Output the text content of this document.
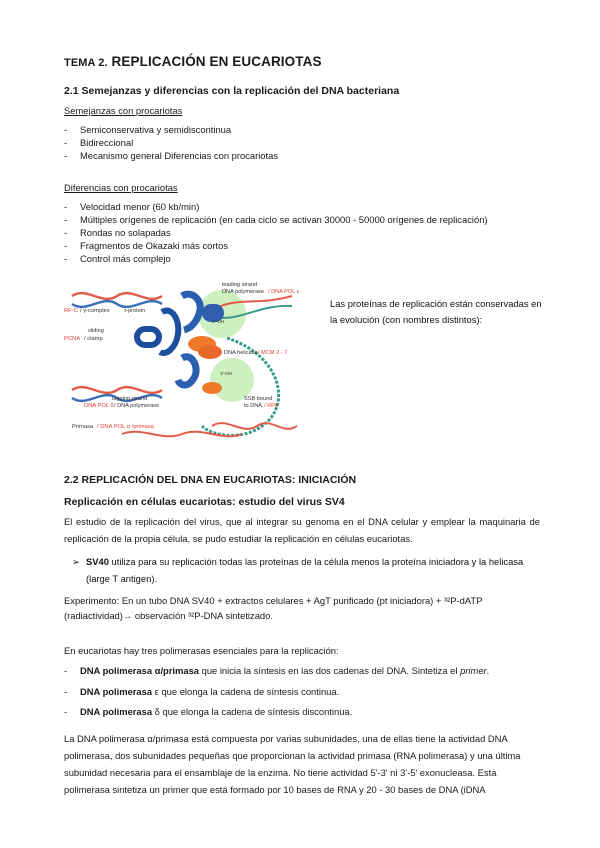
TEMA 2. REPLICACIÓN EN EUCARIOTAS
2.1 Semejanzas y diferencias con la replicación del DNA bacteriana
Semejanzas con procariotas
- Semiconservativa y semidiscontinua
- Bidireccional
- Mecanismo general Diferencias con procariotas
Diferencias con procariotas
- Velocidad menor (60 kb/min)
- Múltiples orígenes de replicación (en cada ciclo se activan 30000 - 50000 orígenes de replicación)
- Rondas no solapadas
- Fragmentos de Okazaki más cortos
- Control más complejo
leading strand
DNA polymerase / DNA POL ε
RF-C / γ-complex	τ-protein
sliding
PCNA / clamp
DNA helicase / MCM 2 - 7
3'-OH
3'-OH
lagging strand
DNA POL δ / DNA polymerase
SSB bound
to DNA / RPA
Primasa / DNA POL α /primasa
Las proteínas de replicación están conservadas en la evolución (con nombres distintos):
2.2 REPLICACIÓN DEL DNA EN EUCARIOTAS: INICIACIÓN
Replicación en células eucariotas: estudio del virus SV4
El estudio de la replicación del virus, que al integrar su genoma en el DNA celular y emplear la maquinaria de replicación de la propia célula, se pudo estudiar la replicación en células eucariotas.
➢ SV40 utiliza para su replicación todas las proteínas de la célula menos la proteína iniciadora y la helicasa (large T antigen).
Experimento: En un tubo DNA SV40 + extractos celulares + AgT purificado (pt iniciadora) + ³²P-dATP
(radiactividad)→ observación ³²P-DNA sintetizado.
En eucariotas hay tres polimerasas esenciales para la replicación:
- DNA polimerasa α/primasa que inicia la síntesis en las dos cadenas del DNA. Sintetiza el primer.
- DNA polimerasa ε que elonga la cadena de síntesis continua.
- DNA polimerasa δ que elonga la cadena de síntesis discontinua.
La DNA polimerasa α/primasa está compuesta por varias subunidades, una de ellas tiene la actividad DNA
polimerasa, dos subunidades pequeñas que proporcionan la actividad primasa (RNA polimerasa) y una última
subunidad necesaria para el ensamblaje de la enzima. No tiene actividad 5'-3' ni 3'-5' exonucleasa. Esta
polimerasa sintetiza un primer que está formado por 10 bases de RNA y 20 - 30 bases de DNA (iDNA
